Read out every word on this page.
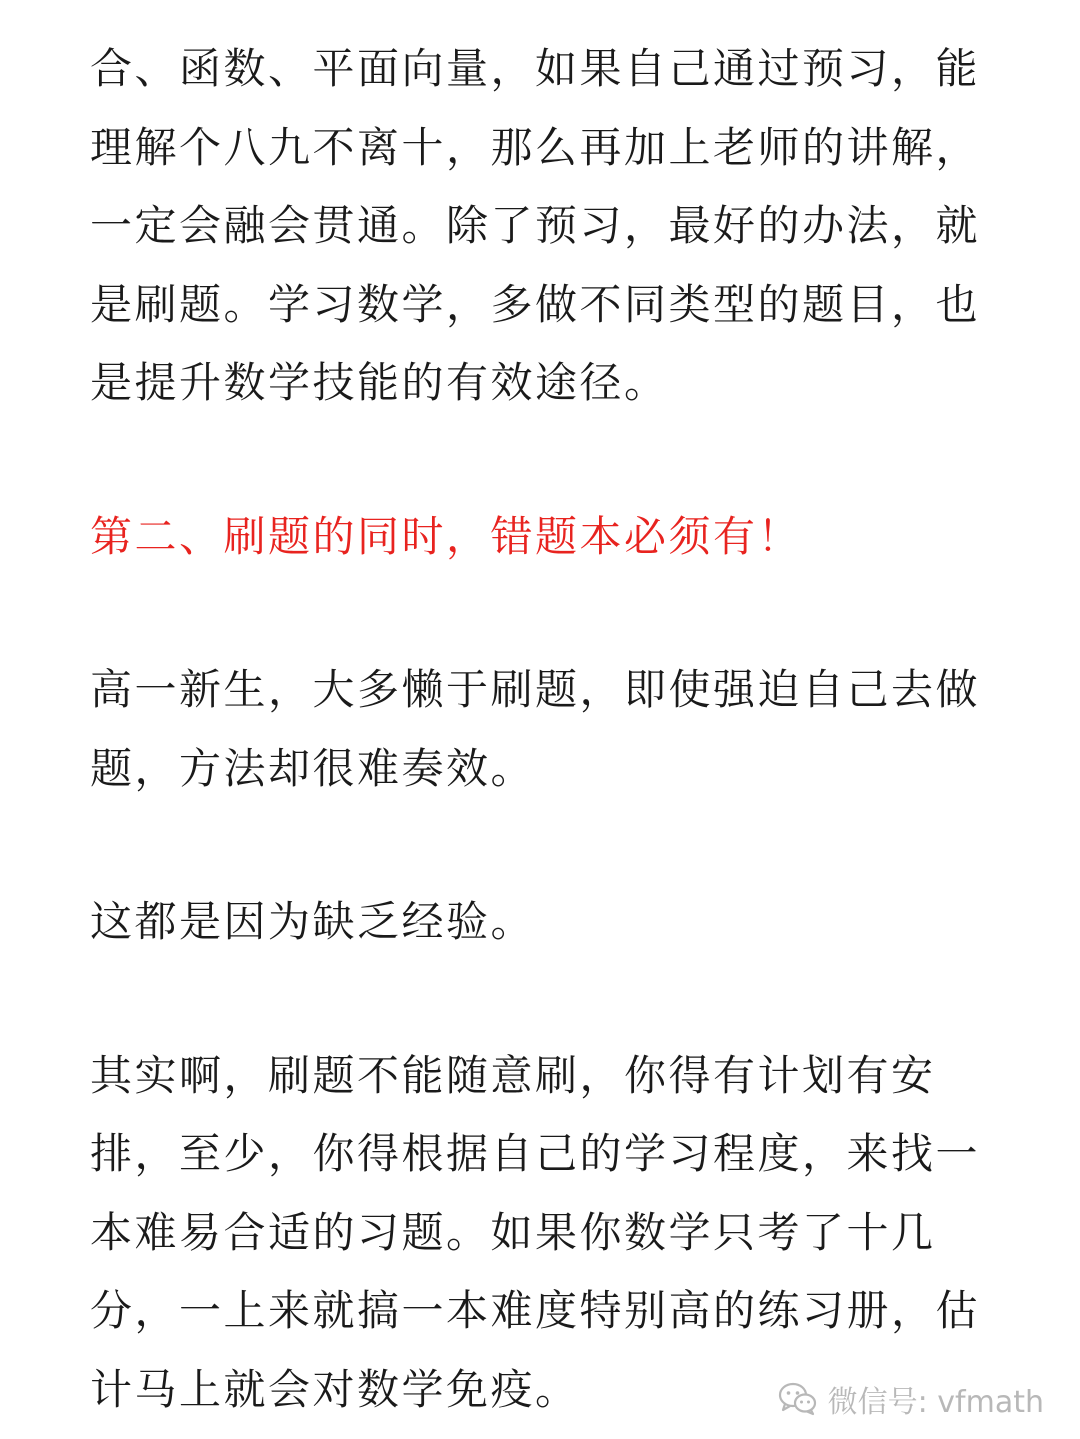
合、函数、平面向量，如果自己通过预习，能
理解个八九不离十，那么再加上老师的讲解，
一定会融会贯通。除了预习，最好的办法，就
是刷题。学习数学，多做不同类型的题目，也
是提升数学技能的有效途径。

第二、刷题的同时，错题本必须有！

高一新生，大多懒于刷题，即使强迫自己去做
题，方法却很难奏效。

这都是因为缺乏经验。

其实啊，刷题不能随意刷，你得有计划有安
排，至少，你得根据自己的学习程度，来找一
本难易合适的习题。如果你数学只考了十几
分，一上来就搞一本难度特别高的练习册，估
计马上就会对数学免疫。	微信号: vfmath
